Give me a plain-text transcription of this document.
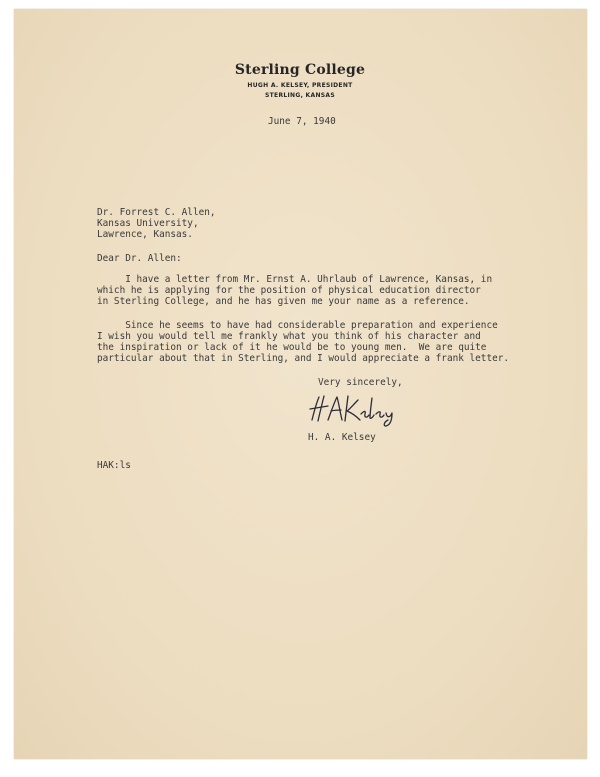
Sterling College
HUGH A. KELSEY, PRESIDENT
STERLING, KANSAS
June 7, 1940
Dr. Forrest C. Allen,
Kansas University,
Lawrence, Kansas.
Dear Dr. Allen:
I have a letter from Mr. Ernst A. Uhrlaub of Lawrence, Kansas, in
which he is applying for the position of physical education director
in Sterling College, and he has given me your name as a reference.
Since he seems to have had considerable preparation and experience
I wish you would tell me frankly what you think of his character and
the inspiration or lack of it he would be to young men.  We are quite
particular about that in Sterling, and I would appreciate a frank letter.
Very sincerely,
H. A. Kelsey
HAK:ls
